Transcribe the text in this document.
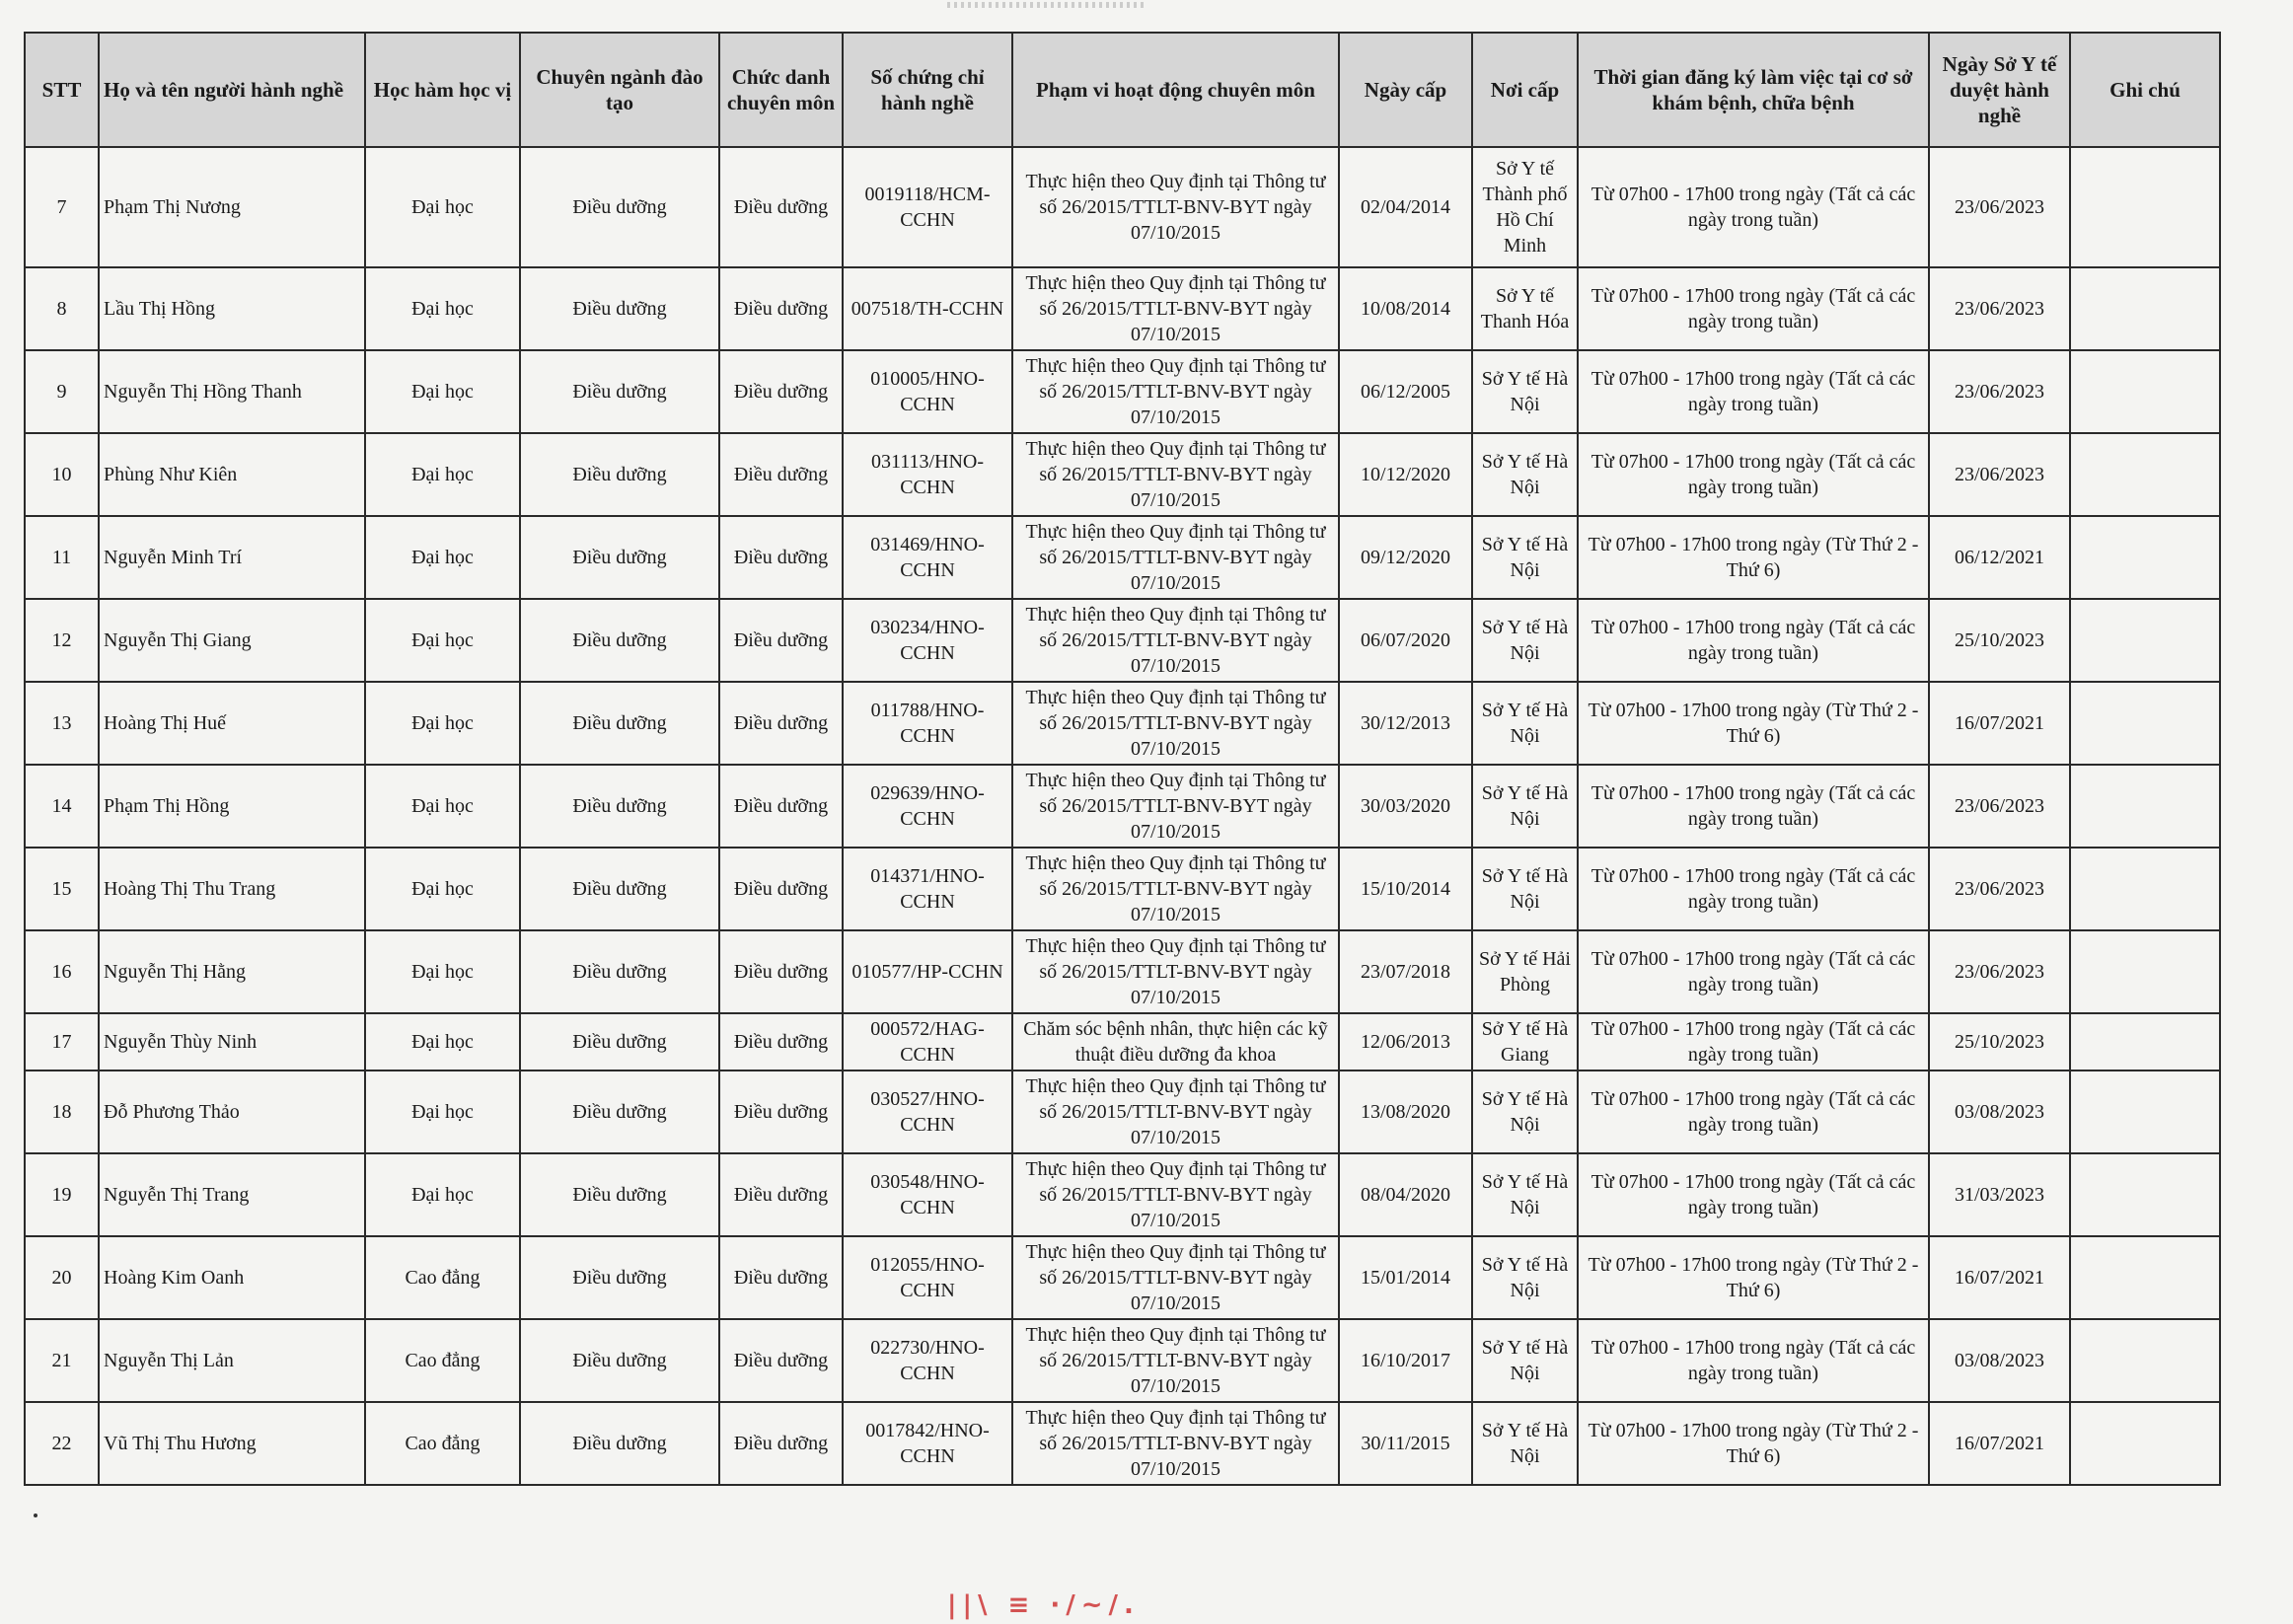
STT	Họ và tên người hành nghề	Học hàm học vị	Chuyên ngành đào tạo	Chức danh chuyên môn	Số chứng chỉ hành nghề	Phạm vi hoạt động chuyên môn	Ngày cấp	Nơi cấp	Thời gian đăng ký làm việc tại cơ sở khám bệnh, chữa bệnh	Ngày Sở Y tế duyệt hành nghề	Ghi chú
7	Phạm Thị Nương	Đại học	Điều dưỡng	Điều dưỡng	0019118/HCM-CCHN	Thực hiện theo Quy định tại Thông tư số 26/2015/TTLT-BNV-BYT ngày 07/10/2015	02/04/2014	Sở Y tế Thành phố Hồ Chí Minh	Từ 07h00 - 17h00 trong ngày (Tất cả các ngày trong tuần)	23/06/2023	
8	Lầu Thị Hồng	Đại học	Điều dưỡng	Điều dưỡng	007518/TH-CCHN	Thực hiện theo Quy định tại Thông tư số 26/2015/TTLT-BNV-BYT ngày 07/10/2015	10/08/2014	Sở Y tế Thanh Hóa	Từ 07h00 - 17h00 trong ngày (Tất cả các ngày trong tuần)	23/06/2023	
9	Nguyễn Thị Hồng Thanh	Đại học	Điều dưỡng	Điều dưỡng	010005/HNO-CCHN	Thực hiện theo Quy định tại Thông tư số 26/2015/TTLT-BNV-BYT ngày 07/10/2015	06/12/2005	Sở Y tế Hà Nội	Từ 07h00 - 17h00 trong ngày (Tất cả các ngày trong tuần)	23/06/2023	
10	Phùng Như Kiên	Đại học	Điều dưỡng	Điều dưỡng	031113/HNO-CCHN	Thực hiện theo Quy định tại Thông tư số 26/2015/TTLT-BNV-BYT ngày 07/10/2015	10/12/2020	Sở Y tế Hà Nội	Từ 07h00 - 17h00 trong ngày (Tất cả các ngày trong tuần)	23/06/2023	
11	Nguyễn Minh Trí	Đại học	Điều dưỡng	Điều dưỡng	031469/HNO-CCHN	Thực hiện theo Quy định tại Thông tư số 26/2015/TTLT-BNV-BYT ngày 07/10/2015	09/12/2020	Sở Y tế Hà Nội	Từ 07h00 - 17h00 trong ngày (Từ Thứ 2 - Thứ 6)	06/12/2021	
12	Nguyễn Thị Giang	Đại học	Điều dưỡng	Điều dưỡng	030234/HNO-CCHN	Thực hiện theo Quy định tại Thông tư số 26/2015/TTLT-BNV-BYT ngày 07/10/2015	06/07/2020	Sở Y tế Hà Nội	Từ 07h00 - 17h00 trong ngày (Tất cả các ngày trong tuần)	25/10/2023	
13	Hoàng Thị Huế	Đại học	Điều dưỡng	Điều dưỡng	011788/HNO-CCHN	Thực hiện theo Quy định tại Thông tư số 26/2015/TTLT-BNV-BYT ngày 07/10/2015	30/12/2013	Sở Y tế Hà Nội	Từ 07h00 - 17h00 trong ngày (Từ Thứ 2 - Thứ 6)	16/07/2021	
14	Phạm Thị Hồng	Đại học	Điều dưỡng	Điều dưỡng	029639/HNO-CCHN	Thực hiện theo Quy định tại Thông tư số 26/2015/TTLT-BNV-BYT ngày 07/10/2015	30/03/2020	Sở Y tế Hà Nội	Từ 07h00 - 17h00 trong ngày (Tất cả các ngày trong tuần)	23/06/2023	
15	Hoàng Thị Thu Trang	Đại học	Điều dưỡng	Điều dưỡng	014371/HNO-CCHN	Thực hiện theo Quy định tại Thông tư số 26/2015/TTLT-BNV-BYT ngày 07/10/2015	15/10/2014	Sở Y tế Hà Nội	Từ 07h00 - 17h00 trong ngày (Tất cả các ngày trong tuần)	23/06/2023	
16	Nguyễn Thị Hằng	Đại học	Điều dưỡng	Điều dưỡng	010577/HP-CCHN	Thực hiện theo Quy định tại Thông tư số 26/2015/TTLT-BNV-BYT ngày 07/10/2015	23/07/2018	Sở Y tế Hải Phòng	Từ 07h00 - 17h00 trong ngày (Tất cả các ngày trong tuần)	23/06/2023	
17	Nguyễn Thùy Ninh	Đại học	Điều dưỡng	Điều dưỡng	000572/HAG-CCHN	Chăm sóc bệnh nhân, thực hiện các kỹ thuật điều dưỡng đa khoa	12/06/2013	Sở Y tế Hà Giang	Từ 07h00 - 17h00 trong ngày (Tất cả các ngày trong tuần)	25/10/2023	
18	Đỗ Phương Thảo	Đại học	Điều dưỡng	Điều dưỡng	030527/HNO-CCHN	Thực hiện theo Quy định tại Thông tư số 26/2015/TTLT-BNV-BYT ngày 07/10/2015	13/08/2020	Sở Y tế Hà Nội	Từ 07h00 - 17h00 trong ngày (Tất cả các ngày trong tuần)	03/08/2023	
19	Nguyễn Thị Trang	Đại học	Điều dưỡng	Điều dưỡng	030548/HNO-CCHN	Thực hiện theo Quy định tại Thông tư số 26/2015/TTLT-BNV-BYT ngày 07/10/2015	08/04/2020	Sở Y tế Hà Nội	Từ 07h00 - 17h00 trong ngày (Tất cả các ngày trong tuần)	31/03/2023	
20	Hoàng Kim Oanh	Cao đẳng	Điều dưỡng	Điều dưỡng	012055/HNO-CCHN	Thực hiện theo Quy định tại Thông tư số 26/2015/TTLT-BNV-BYT ngày 07/10/2015	15/01/2014	Sở Y tế Hà Nội	Từ 07h00 - 17h00 trong ngày (Từ Thứ 2 - Thứ 6)	16/07/2021	
21	Nguyễn Thị Lản	Cao đẳng	Điều dưỡng	Điều dưỡng	022730/HNO-CCHN	Thực hiện theo Quy định tại Thông tư số 26/2015/TTLT-BNV-BYT ngày 07/10/2015	16/10/2017	Sở Y tế Hà Nội	Từ 07h00 - 17h00 trong ngày (Tất cả các ngày trong tuần)	03/08/2023	
22	Vũ Thị Thu Hương	Cao đẳng	Điều dưỡng	Điều dưỡng	0017842/HNO-CCHN	Thực hiện theo Quy định tại Thông tư số 26/2015/TTLT-BNV-BYT ngày 07/10/2015	30/11/2015	Sở Y tế Hà Nội	Từ 07h00 - 17h00 trong ngày (Từ Thứ 2 - Thứ 6)	16/07/2021	
||​\ ≡ ·/~/.
